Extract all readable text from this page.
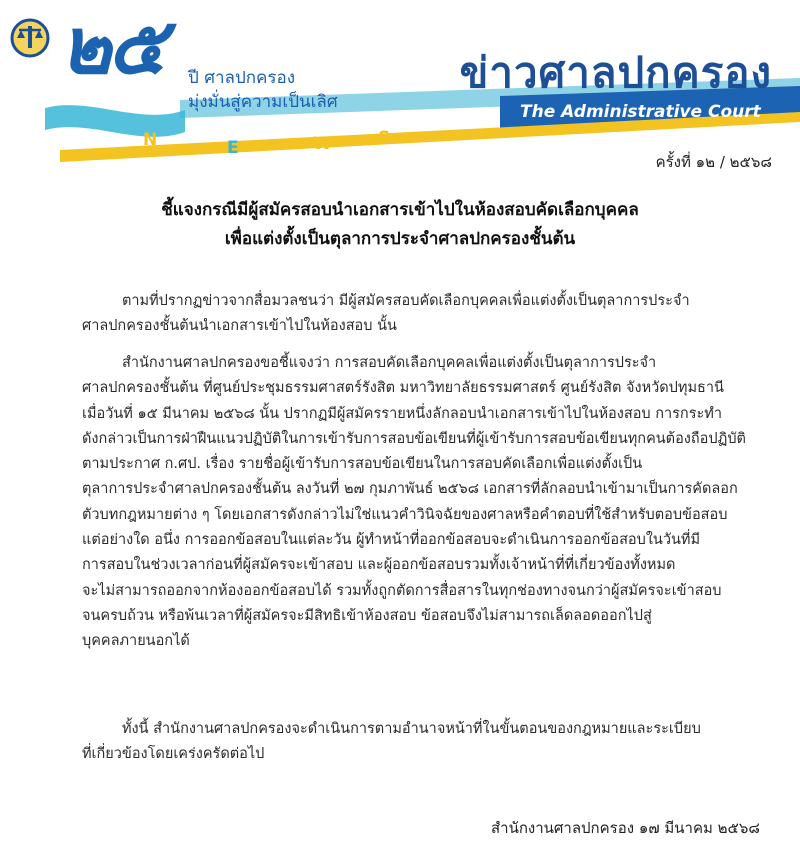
๒๕ ปี ศาลปกครอง
มุ่งมั่นสู่ความเป็นเลิศ
N	E	W	S
ข่าวศาลปกครอง
The Administrative Court
ครั้งที่ ๑๒ / ๒๕๖๘
ชี้แจงกรณีมีผู้สมัครสอบนำเอกสารเข้าไปในห้องสอบคัดเลือกบุคคล
เพื่อแต่งตั้งเป็นตุลาการประจำศาลปกครองชั้นต้น
ตามที่ปรากฏข่าวจากสื่อมวลชนว่า มีผู้สมัครสอบคัดเลือกบุคคลเพื่อแต่งตั้งเป็นตุลาการประจำ
ศาลปกครองชั้นต้นนำเอกสารเข้าไปในห้องสอบ นั้น
สำนักงานศาลปกครองขอชี้แจงว่า การสอบคัดเลือกบุคคลเพื่อแต่งตั้งเป็นตุลาการประจำ
ศาลปกครองชั้นต้น ที่ศูนย์ประชุมธรรมศาสตร์รังสิต มหาวิทยาลัยธรรมศาสตร์ ศูนย์รังสิต จังหวัดปทุมธานี
เมื่อวันที่ ๑๕ มีนาคม ๒๕๖๘ นั้น ปรากฏมีผู้สมัครรายหนึ่งลักลอบนำเอกสารเข้าไปในห้องสอบ การกระทำ
ดังกล่าวเป็นการฝ่าฝืนแนวปฏิบัติในการเข้ารับการสอบข้อเขียนที่ผู้เข้ารับการสอบข้อเขียนทุกคนต้องถือปฏิบัติ
ตามประกาศ ก.ศป. เรื่อง รายชื่อผู้เข้ารับการสอบข้อเขียนในการสอบคัดเลือกเพื่อแต่งตั้งเป็น
ตุลาการประจำศาลปกครองชั้นต้น ลงวันที่ ๒๗ กุมภาพันธ์ ๒๕๖๘ เอกสารที่ลักลอบนำเข้ามาเป็นการคัดลอก
ตัวบทกฎหมายต่าง ๆ โดยเอกสารดังกล่าวไม่ใช่แนวคำวินิจฉัยของศาลหรือคำตอบที่ใช้สำหรับตอบข้อสอบ
แต่อย่างใด อนึ่ง การออกข้อสอบในแต่ละวัน ผู้ทำหน้าที่ออกข้อสอบจะดำเนินการออกข้อสอบในวันที่มี
การสอบในช่วงเวลาก่อนที่ผู้สมัครจะเข้าสอบ และผู้ออกข้อสอบรวมทั้งเจ้าหน้าที่ที่เกี่ยวข้องทั้งหมด
จะไม่สามารถออกจากห้องออกข้อสอบได้ รวมทั้งถูกตัดการสื่อสารในทุกช่องทางจนกว่าผู้สมัครจะเข้าสอบ
จนครบถ้วน หรือพ้นเวลาที่ผู้สมัครจะมีสิทธิเข้าห้องสอบ ข้อสอบจึงไม่สามารถเล็ดลอดออกไปสู่
บุคคลภายนอกได้
ทั้งนี้ สำนักงานศาลปกครองจะดำเนินการตามอำนาจหน้าที่ในขั้นตอนของกฎหมายและระเบียบ
ที่เกี่ยวข้องโดยเคร่งครัดต่อไป
สำนักงานศาลปกครอง ๑๗ มีนาคม ๒๕๖๘
